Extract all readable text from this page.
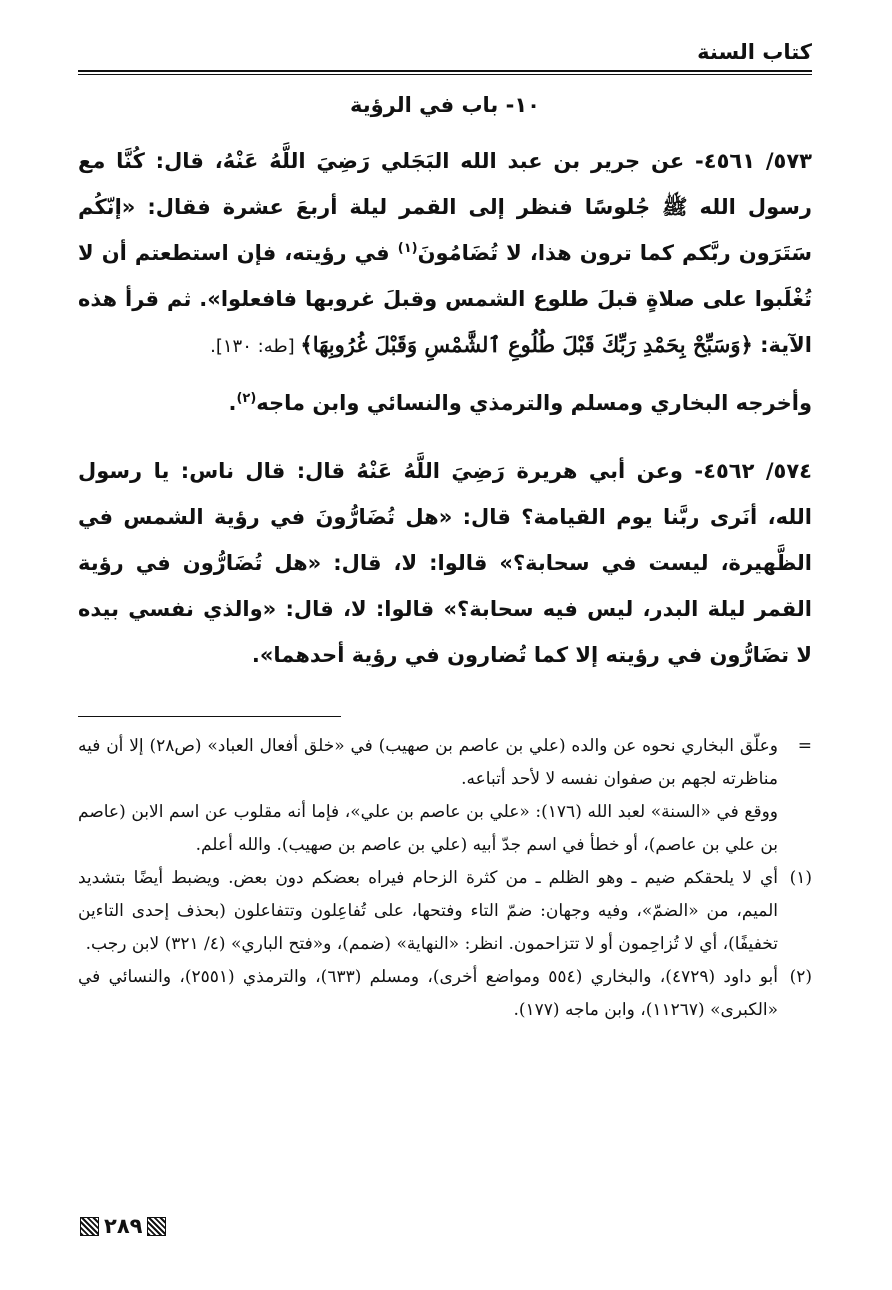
كتاب السنة
١٠- باب في الرؤية

٥٧٣/ ٤٥٦١- عن جرير بن عبد الله البَجَلي رَضِيَ اللَّهُ عَنْهُ، قال: كُنَّا مع رسول الله ﷺ جُلوسًا فنظر إلى القمر ليلة أربعَ عشرة فقال: «إنّكُم سَتَرَون ربَّكم كما ترون هذا، لا تُضَامُونَ$^{(١)}$ في رؤيته، فإن استطعتم أن لا تُغْلَبوا على صلاةٍ قبلَ طلوع الشمس وقبلَ غروبها فافعلوا». ثم قرأ هذه الآية: ﴿وَسَبِّحْ بِحَمْدِ رَبِّكَ قَبْلَ طُلُوعِ ٱلشَّمْسِ وَقَبْلَ غُرُوبِهَا﴾ [طه: ١٣٠].

وأخرجه البخاري ومسلم والترمذي والنسائي وابن ماجه$^{(٢)}$.

٥٧٤/ ٤٥٦٢- وعن أبي هريرة رَضِيَ اللَّهُ عَنْهُ قال: قال ناس: يا رسول الله، أنَرى ربَّنا يوم القيامة؟ قال: «هل تُضَارُّونَ في رؤية الشمس في الظَّهيرة، ليست في سحابة؟» قالوا: لا، قال: «هل تُضَارُّون في رؤية القمر ليلة البدر، ليس فيه سحابة؟» قالوا: لا، قال: «والذي نفسي بيده لا تضَارُّون في رؤيته إلا كما تُضارون في رؤية أحدهما».

=
وعلّق البخاري نحوه عن والده (علي بن عاصم بن صهيب) في «خلق أفعال العباد» (ص٢٨) إلا أن فيه مناظرته لجهم بن صفوان نفسه لا لأحد أتباعه.

ووقع في «السنة» لعبد الله (١٧٦): «علي بن عاصم بن علي»، فإما أنه مقلوب عن اسم الابن (عاصم بن علي بن عاصم)، أو خطأ في اسم جدّ أبيه (علي بن عاصم بن صهيب). والله أعلم.

(١)
أي لا يلحقكم ضيم ـ وهو الظلم ـ من كثرة الزحام فيراه بعضكم دون بعض. ويضبط أيضًا بتشديد الميم، من «الضمّ»، وفيه وجهان: ضمّ التاء وفتحها، على تُفاعِلون وتتفاعلون (بحذف إحدى التاءين تخفيفًا)، أي لا تُزاحِمون أو لا تتزاحمون. انظر: «النهاية» (ضمم)، و«فتح الباري» (٤/ ٣٢١) لابن رجب.

(٢)
أبو داود (٤٧٢٩)، والبخاري (٥٥٤ ومواضع أخرى)، ومسلم (٦٣٣)، والترمذي (٢٥٥١)، والنسائي في «الكبرى» (١١٢٦٧)، وابن ماجه (١٧٧).

٢٨٩
